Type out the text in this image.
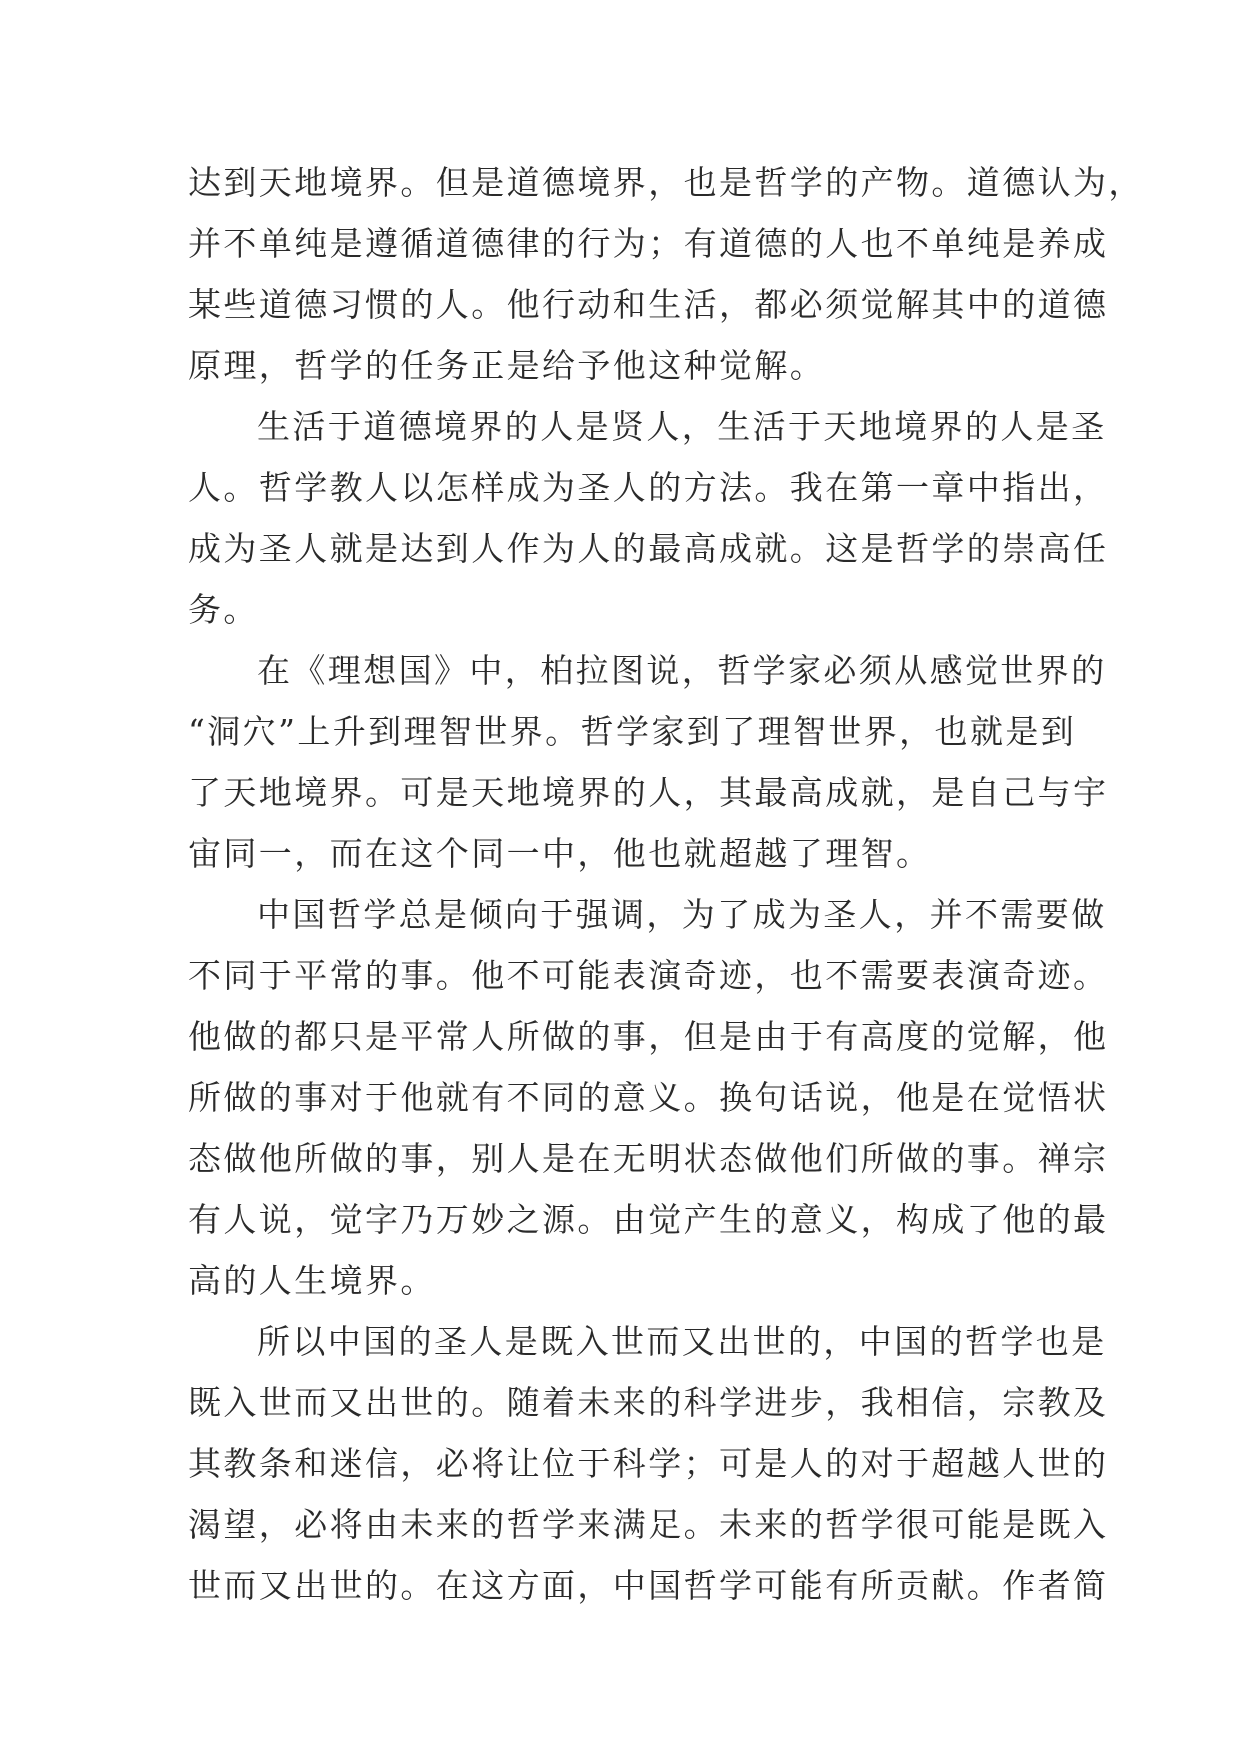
达到天地境界。但是道德境界，也是哲学的产物。道德认为，
并不单纯是遵循道德律的行为；有道德的人也不单纯是养成
某些道德习惯的人。他行动和生活，都必须觉解其中的道德
原理，哲学的任务正是给予他这种觉解。
生活于道德境界的人是贤人，生活于天地境界的人是圣
人。哲学教人以怎样成为圣人的方法。我在第一章中指出，
成为圣人就是达到人作为人的最高成就。这是哲学的崇高任
务。
在《理想国》中，柏拉图说，哲学家必须从感觉世界的
“洞穴”上升到理智世界。哲学家到了理智世界，也就是到
了天地境界。可是天地境界的人，其最高成就，是自己与宇
宙同一，而在这个同一中，他也就超越了理智。
中国哲学总是倾向于强调，为了成为圣人，并不需要做
不同于平常的事。他不可能表演奇迹，也不需要表演奇迹。
他做的都只是平常人所做的事，但是由于有高度的觉解，他
所做的事对于他就有不同的意义。换句话说，他是在觉悟状
态做他所做的事，别人是在无明状态做他们所做的事。禅宗
有人说，觉字乃万妙之源。由觉产生的意义，构成了他的最
高的人生境界。
所以中国的圣人是既入世而又出世的，中国的哲学也是
既入世而又出世的。随着未来的科学进步，我相信，宗教及
其教条和迷信，必将让位于科学；可是人的对于超越人世的
渴望，必将由未来的哲学来满足。未来的哲学很可能是既入
世而又出世的。在这方面，中国哲学可能有所贡献。作者简
